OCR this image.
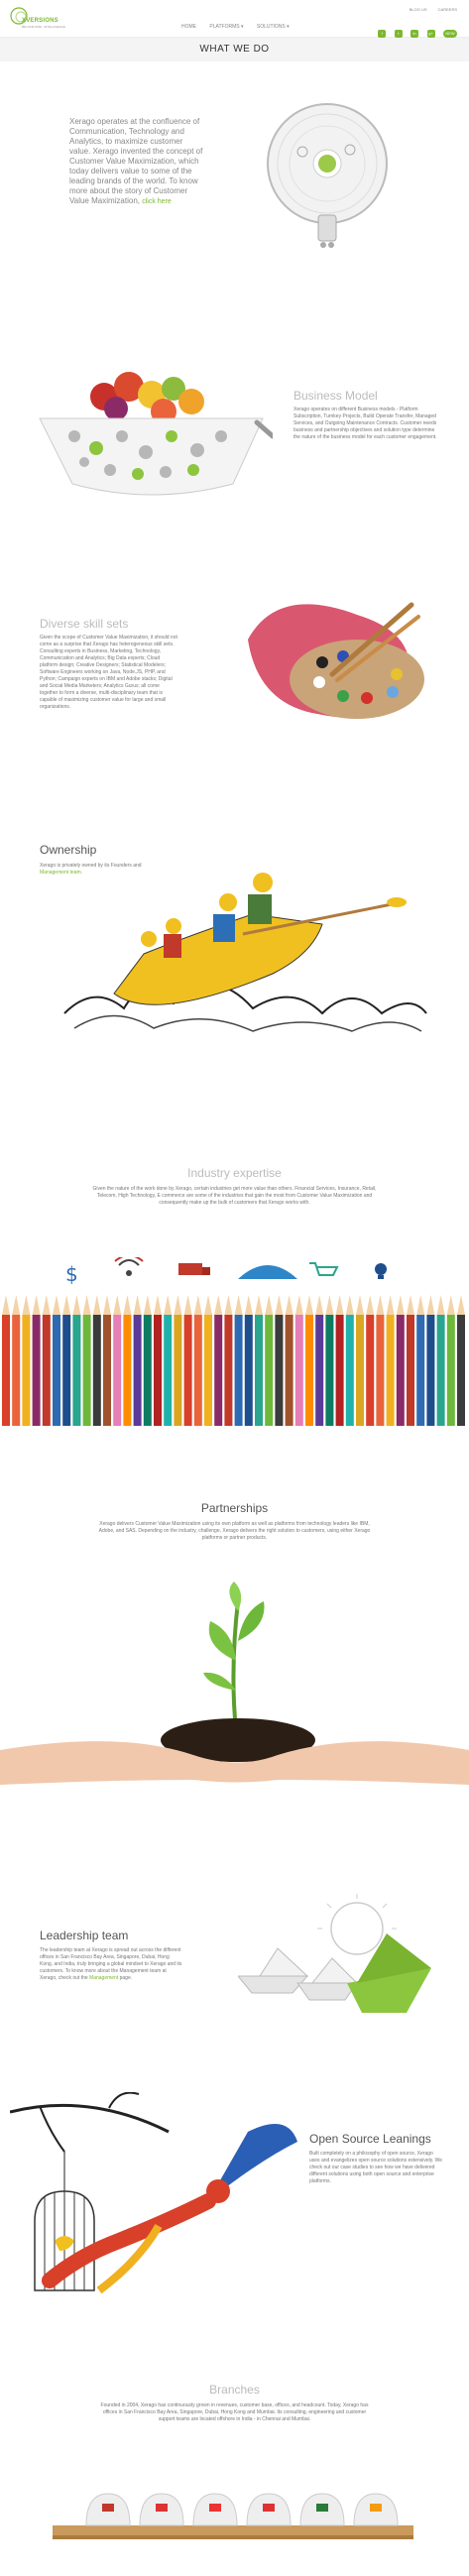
XVERSIONS
BEYOND RISK, INTELLIGENCE
BLOG US	CAREERS
HOME	PLATFORMS ▾	SOLUTIONS ▾
f	t	in	g+	NEW
WHAT WE DO
Xerago operates at the confluence of Communication, Technology and Analytics, to maximize customer value. Xerago invented the concept of Customer Value Maximization, which today delivers value to some of the leading brands of the world. To know more about the story of Customer Value Maximization, click here
Business Model

Xerago operates on different Business models - Platform Subscription, Turnkey Projects, Build Operate Transfer, Managed Services, and Outgoing Maintenance Contracts. Customer needs business and partnership objectives and solution type determine the nature of the business model for each customer engagement.

Diverse skill sets

Given the scope of Customer Value Maximization, it should not come as a surprise that Xerago has heterogeneous skill sets. Consulting experts in Business, Marketing, Technology, Communication and Analytics; Big Data experts; Cloud platform design; Creative Designers; Statistical Modelers; Software Engineers working on Java, Node.JS, PHP, and Python; Campaign experts on IBM and Adobe stacks; Digital and Social Media Marketers; Analytics Gurus; all come together to form a diverse, multi-disciplinary team that is capable of maximizing customer value for large and small organizations.

Ownership

Xerago is privately owned by its Founders and

Management team.
Industry expertise

Given the nature of the work done by Xerago, certain industries get more value than others. Financial Services, Insurance, Retail, Telecom, High Technology, E commerce are some of the industries that gain the most from Customer Value Maximization and consequently make up the bulk of customers that Xerago works with.

$
Partnerships

Xerago delivers Customer Value Maximization using its own platform as well as platforms from technology leaders like IBM, Adobe, and SAS. Depending on the industry, challenge, Xerago delivers the right solution to customers, using either Xerago platforms or partner products.

Leadership team

The leadership team at Xerago is spread out across the different offices in San Francisco Bay Area, Singapore, Dubai, Hong Kong, and India, truly bringing a global mindset to Xerago and its customers. To know more about the Management team at Xerago, check out the Management page.

Open Source Leanings

Built completely on a philosophy of open source, Xerago uses and evangelizes open source solutions extensively. We check out our case studies to see how we have delivered different solutions using both open source and enterprise platforms.

Branches

Founded in 2004, Xerago has continuously grown in revenues, customer base, offices, and headcount. Today, Xerago has offices in San Francisco Bay Area, Singapore, Dubai, Hong Kong and Mumbai. Its consulting, engineering and customer support teams are located offshore in India - in Chennai and Mumbai.
